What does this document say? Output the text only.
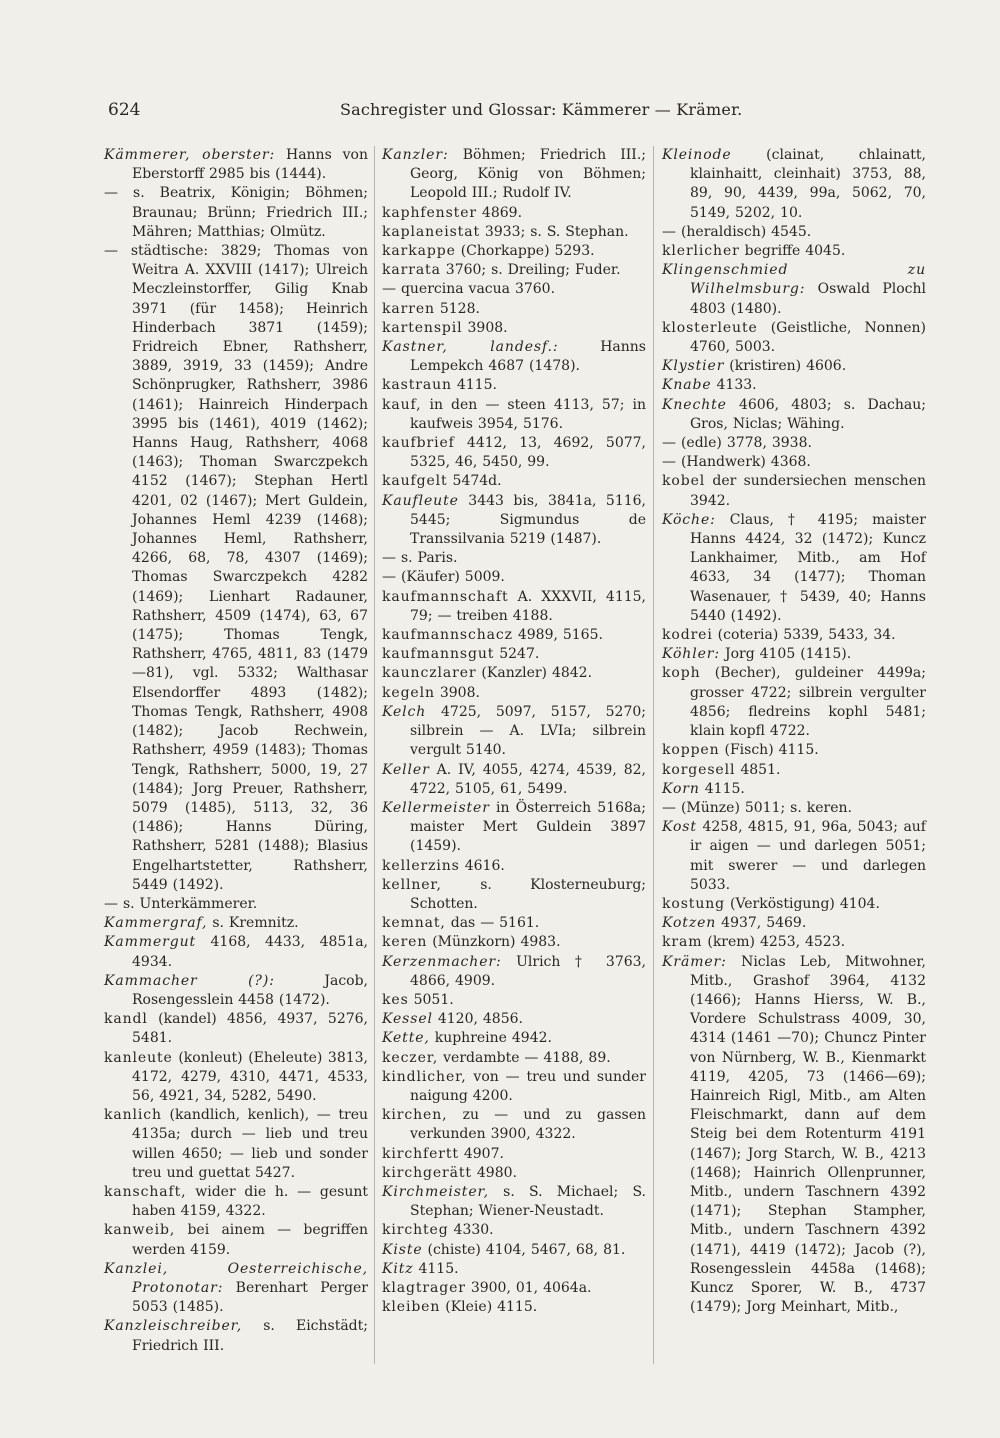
624	Sachregister und Glossar: Kämmerer — Krämer.

Kämmerer, oberster: Hanns von Eberstorff 2985 bis (1444).

— s. Beatrix, Königin; Böhmen; Braunau; Brünn; Friedrich III.; Mähren; Matthias; Olmütz.

— städtische: 3829; Thomas von Weitra A. XXVIII (1417); Ulreich Meczleinstorffer, Gilig Knab 3971 (für 1458); Heinrich Hinderbach 3871 (1459); Fridreich Ebner, Rathsherr, 3889, 3919, 33 (1459); Andre Schönprugker, Rathsherr, 3986 (1461); Hainreich Hinderpach 3995 bis (1461), 4019 (1462); Hanns Haug, Rathsherr, 4068 (1463); Thoman Swarczpekch 4152 (1467); Stephan Hertl 4201, 02 (1467); Mert Guldein, Johannes Heml 4239 (1468); Johannes Heml, Rathsherr, 4266, 68, 78, 4307 (1469); Thomas Swarczpekch 4282 (1469); Lienhart Radauner, Rathsherr, 4509 (1474), 63, 67 (1475); Thomas Tengk, Rathsherr, 4765, 4811, 83 (1479 —81), vgl. 5332; Walthasar Elsendorffer 4893 (1482); Thomas Tengk, Rathsherr, 4908 (1482); Jacob Rechwein, Rathsherr, 4959 (1483); Thomas Tengk, Rathsherr, 5000, 19, 27 (1484); Jorg Preuer, Rathsherr, 5079 (1485), 5113, 32, 36 (1486); Hanns Düring, Rathsherr, 5281 (1488); Blasius Engelhartstetter, Rathsherr, 5449 (1492).

— s. Unterkämmerer.

Kammergraf, s. Kremnitz.

Kammergut 4168, 4433, 4851a, 4934.

Kammacher (?): Jacob, Rosengesslein 4458 (1472).

kandl (kandel) 4856, 4937, 5276, 5481.

kanleute (konleut) (Eheleute) 3813, 4172, 4279, 4310, 4471, 4533, 56, 4921, 34, 5282, 5490.

kanlich (kandlich, kenlich), — treu 4135a; durch — lieb und treu willen 4650; — lieb und sonder treu und guettat 5427.

kanschaft, wider die h. — gesunt haben 4159, 4322.

kanweib, bei ainem — begriffen werden 4159.

Kanzlei, Oesterreichische, Protonotar: Berenhart Perger 5053 (1485).

Kanzleischreiber, s. Eichstädt; Friedrich III.

Kanzler: Böhmen; Friedrich III.; Georg, König von Böhmen; Leopold III.; Rudolf IV.

kaphfenster 4869.

kaplaneistat 3933; s. S. Stephan.

karkappe (Chorkappe) 5293.

karrata 3760; s. Dreiling; Fuder.

— quercina vacua 3760.

karren 5128.

kartenspil 3908.

Kastner, landesf.: Hanns Lempekch 4687 (1478).

kastraun 4115.

kauf, in den — steen 4113, 57; in kaufweis 3954, 5176.

kaufbrief 4412, 13, 4692, 5077, 5325, 46, 5450, 99.

kaufgelt 5474d.

Kaufleute 3443 bis, 3841a, 5116, 5445; Sigmundus de Transsilvania 5219 (1487).

— s. Paris.

— (Käufer) 5009.

kaufmannschaft A. XXXVII, 4115, 79; — treiben 4188.

kaufmannschacz 4989, 5165.

kaufmannsgut 5247.

kaunczlarer (Kanzler) 4842.

kegeln 3908.

Kelch 4725, 5097, 5157, 5270; silbrein — A. LVIa; silbrein vergult 5140.

Keller A. IV, 4055, 4274, 4539, 82, 4722, 5105, 61, 5499.

Kellermeister in Österreich 5168a; maister Mert Guldein 3897 (1459).

kellerzins 4616.

kellner, s. Klosterneuburg; Schotten.

kemnat, das — 5161.

keren (Münzkorn) 4983.

Kerzenmacher: Ulrich † 3763, 4866, 4909.

kes 5051.

Kessel 4120, 4856.

Kette, kuphreine 4942.

keczer, verdambte — 4188, 89.

kindlicher, von — treu und sunder naigung 4200.

kirchen, zu — und zu gassen verkunden 3900, 4322.

kirchfertt 4907.

kirchgerätt 4980.

Kirchmeister, s. S. Michael; S. Stephan; Wiener-Neustadt.

kirchteg 4330.

Kiste (chiste) 4104, 5467, 68, 81.

Kitz 4115.

klagtrager 3900, 01, 4064a.

kleiben (Kleie) 4115.

Kleinode (clainat, chlainatt, klainhaitt, cleinhait) 3753, 88, 89, 90, 4439, 99a, 5062, 70, 5149, 5202, 10.

— (heraldisch) 4545.

klerlicher begriffe 4045.

Klingenschmied zu Wilhelmsburg: Oswald Plochl 4803 (1480).

klosterleute (Geistliche, Nonnen) 4760, 5003.

Klystier (kristiren) 4606.

Knabe 4133.

Knechte 4606, 4803; s. Dachau; Gros, Niclas; Wähing.

— (edle) 3778, 3938.

— (Handwerk) 4368.

kobel der sundersiechen menschen 3942.

Köche: Claus, † 4195; maister Hanns 4424, 32 (1472); Kuncz Lankhaimer, Mitb., am Hof 4633, 34 (1477); Thoman Wasenauer, † 5439, 40; Hanns 5440 (1492).

kodrei (coteria) 5339, 5433, 34.

Köhler: Jorg 4105 (1415).

koph (Becher), guldeiner 4499a; grosser 4722; silbrein vergulter 4856; fledreins kophl 5481; klain kopfl 4722.

koppen (Fisch) 4115.

korgesell 4851.

Korn 4115.

— (Münze) 5011; s. keren.

Kost 4258, 4815, 91, 96a, 5043; auf ir aigen — und darlegen 5051; mit swerer — und darlegen 5033.

kostung (Verköstigung) 4104.

Kotzen 4937, 5469.

kram (krem) 4253, 4523.

Krämer: Niclas Leb, Mitwohner, Mitb., Grashof 3964, 4132 (1466); Hanns Hierss, W. B., Vordere Schulstrass 4009, 30, 4314 (1461 —70); Chuncz Pinter von Nürnberg, W. B., Kienmarkt 4119, 4205, 73 (1466—69); Hainreich Rigl, Mitb., am Alten Fleischmarkt, dann auf dem Steig bei dem Rotenturm 4191 (1467); Jorg Starch, W. B., 4213 (1468); Hainrich Ollenprunner, Mitb., undern Taschnern 4392 (1471); Stephan Stampher, Mitb., undern Taschnern 4392 (1471), 4419 (1472); Jacob (?), Rosengesslein 4458a (1468); Kuncz Sporer, W. B., 4737 (1479); Jorg Meinhart, Mitb.,
